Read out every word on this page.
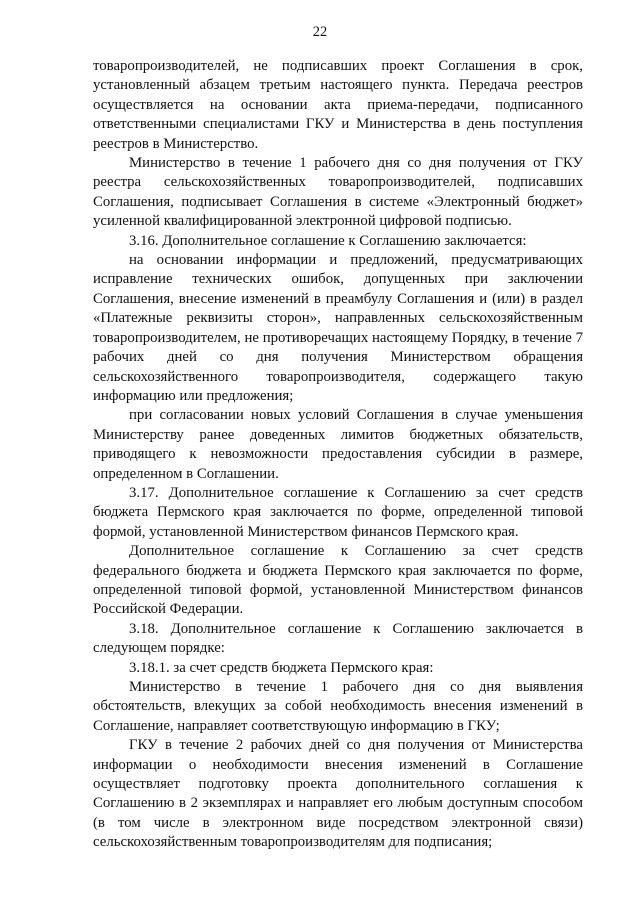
22

товаропроизводителей, не подписавших проект Соглашения в срок, установленный абзацем третьим настоящего пункта. Передача реестров осуществляется на основании акта приема-передачи, подписанного ответственными специалистами ГКУ и Министерства в день поступления реестров в Министерство.

Министерство в течение 1 рабочего дня со дня получения от ГКУ реестра сельскохозяйственных товаропроизводителей, подписавших Соглашения, подписывает Соглашения в системе «Электронный бюджет» усиленной квалифицированной электронной цифровой подписью.

3.16. Дополнительное соглашение к Соглашению заключается:

на основании информации и предложений, предусматривающих исправление технических ошибок, допущенных при заключении Соглашения, внесение изменений в преамбулу Соглашения и (или) в раздел «Платежные реквизиты сторон», направленных сельскохозяйственным товаропроизводителем, не противоречащих настоящему Порядку, в течение 7 рабочих дней со дня получения Министерством обращения сельскохозяйственного товаропроизводителя, содержащего такую информацию или предложения;

при согласовании новых условий Соглашения в случае уменьшения Министерству ранее доведенных лимитов бюджетных обязательств, приводящего к невозможности предоставления субсидии в размере, определенном в Соглашении.

3.17. Дополнительное соглашение к Соглашению за счет средств бюджета Пермского края заключается по форме, определенной типовой формой, установленной Министерством финансов Пермского края.

Дополнительное соглашение к Соглашению за счет средств федерального бюджета и бюджета Пермского края заключается по форме, определенной типовой формой, установленной Министерством финансов Российской Федерации.

3.18. Дополнительное соглашение к Соглашению заключается в следующем порядке:

3.18.1. за счет средств бюджета Пермского края:

Министерство в течение 1 рабочего дня со дня выявления обстоятельств, влекущих за собой необходимость внесения изменений в Соглашение, направляет соответствующую информацию в ГКУ;

ГКУ в течение 2 рабочих дней со дня получения от Министерства информации о необходимости внесения изменений в Соглашение осуществляет подготовку проекта дополнительного соглашения к Соглашению в 2 экземплярах и направляет его любым доступным способом (в том числе в электронном виде посредством электронной связи) сельскохозяйственным товаропроизводителям для подписания;
